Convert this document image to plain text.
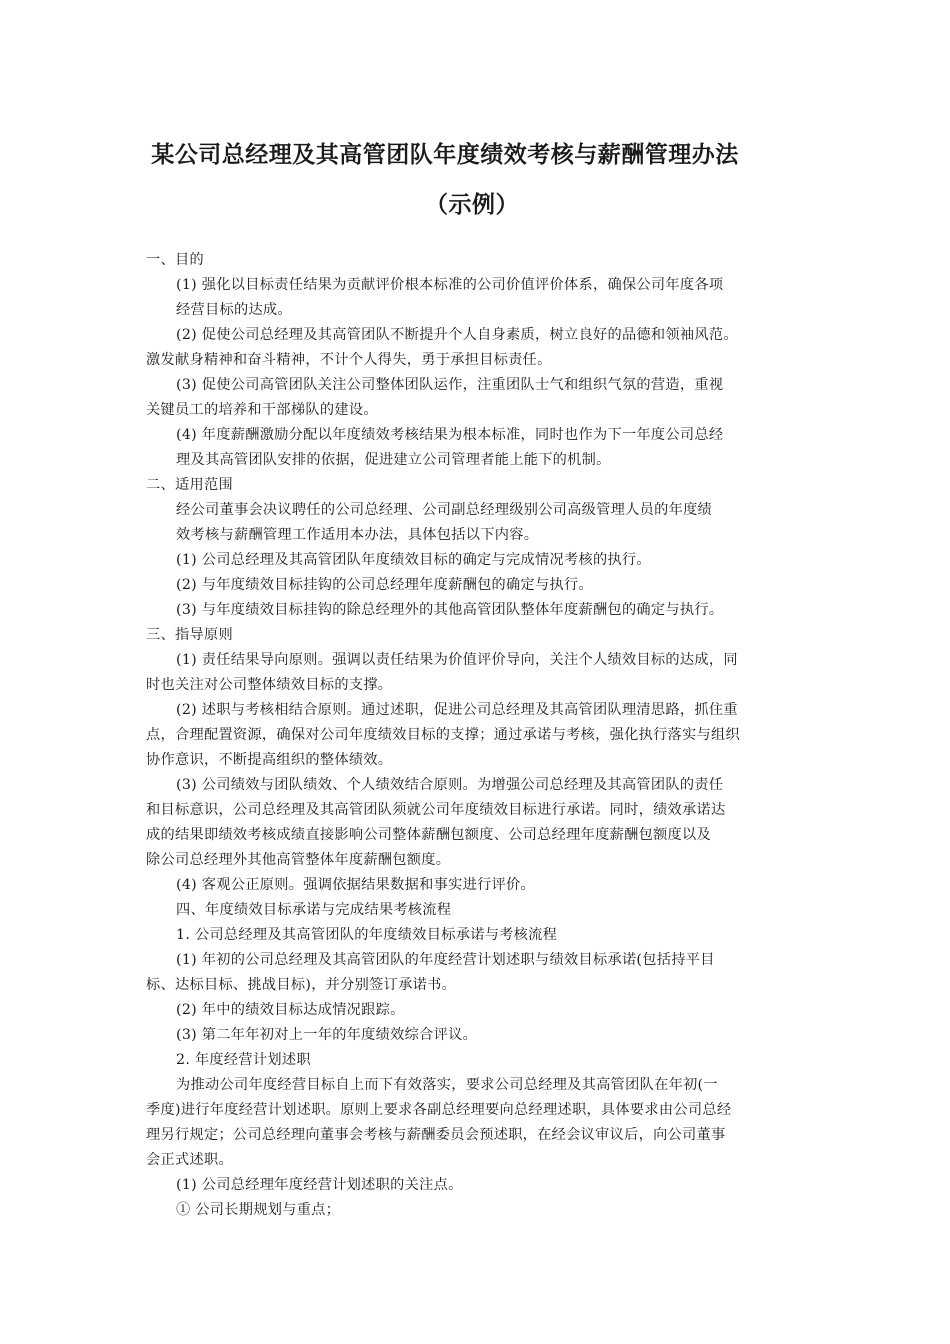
某公司总经理及其高管团队年度绩效考核与薪酬管理办法
（示例）
一、目的
(1) 强化以目标责任结果为贡献评价根本标准的公司价值评价体系，确保公司年度各项
经营目标的达成。
(2) 促使公司总经理及其高管团队不断提升个人自身素质，树立良好的品德和领袖风范。
激发献身精神和奋斗精神，不计个人得失，勇于承担目标责任。
(3) 促使公司高管团队关注公司整体团队运作，注重团队士气和组织气氛的营造，重视
关键员工的培养和干部梯队的建设。
(4) 年度薪酬激励分配以年度绩效考核结果为根本标准，同时也作为下一年度公司总经
理及其高管团队安排的依据，促进建立公司管理者能上能下的机制。
二、适用范围
经公司董事会决议聘任的公司总经理、公司副总经理级别公司高级管理人员的年度绩
效考核与薪酬管理工作适用本办法，具体包括以下内容。
(1) 公司总经理及其高管团队年度绩效目标的确定与完成情况考核的执行。
(2) 与年度绩效目标挂钩的公司总经理年度薪酬包的确定与执行。
(3) 与年度绩效目标挂钩的除总经理外的其他高管团队整体年度薪酬包的确定与执行。
三、指导原则
(1) 责任结果导向原则。强调以责任结果为价值评价导向，关注个人绩效目标的达成，同
时也关注对公司整体绩效目标的支撑。
(2) 述职与考核相结合原则。通过述职，促进公司总经理及其高管团队理清思路，抓住重
点，合理配置资源，确保对公司年度绩效目标的支撑；通过承诺与考核，强化执行落实与组织
协作意识，不断提高组织的整体绩效。
(3) 公司绩效与团队绩效、个人绩效结合原则。为增强公司总经理及其高管团队的责任
和目标意识，公司总经理及其高管团队须就公司年度绩效目标进行承诺。同时，绩效承诺达
成的结果即绩效考核成绩直接影响公司整体薪酬包额度、公司总经理年度薪酬包额度以及
除公司总经理外其他高管整体年度薪酬包额度。
(4) 客观公正原则。强调依据结果数据和事实进行评价。
四、年度绩效目标承诺与完成结果考核流程
1. 公司总经理及其高管团队的年度绩效目标承诺与考核流程
(1) 年初的公司总经理及其高管团队的年度经营计划述职与绩效目标承诺(包括持平目
标、达标目标、挑战目标)，并分别签订承诺书。
(2) 年中的绩效目标达成情况跟踪。
(3) 第二年年初对上一年的年度绩效综合评议。
2. 年度经营计划述职
为推动公司年度经营目标自上而下有效落实，要求公司总经理及其高管团队在年初(一
季度)进行年度经营计划述职。原则上要求各副总经理要向总经理述职，具体要求由公司总经
理另行规定；公司总经理向董事会考核与薪酬委员会预述职，在经会议审议后，向公司董事
会正式述职。
(1) 公司总经理年度经营计划述职的关注点。
① 公司长期规划与重点；
